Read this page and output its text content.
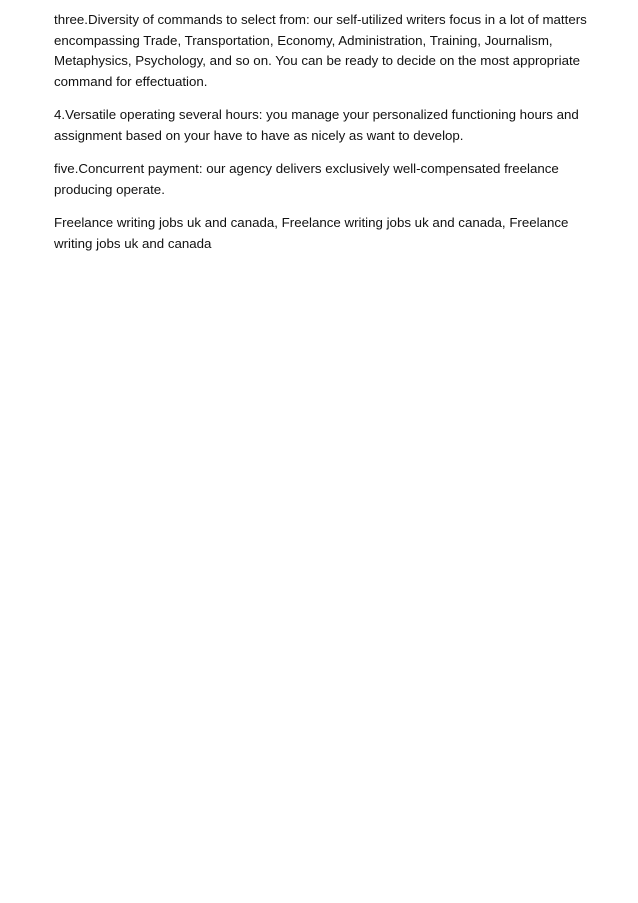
three.Diversity of commands to select from: our self-utilized writers focus in a lot of matters
encompassing Trade, Transportation, Economy, Administration, Training, Journalism,
Metaphysics, Psychology, and so on. You can be ready to decide on the most appropriate
command for effectuation.

4.Versatile operating several hours: you manage your personalized functioning hours and
assignment based on your have to have as nicely as want to develop.

five.Concurrent payment: our agency delivers exclusively well-compensated freelance
producing operate.

Freelance writing jobs uk and canada, Freelance writing jobs uk and canada, Freelance
writing jobs uk and canada
